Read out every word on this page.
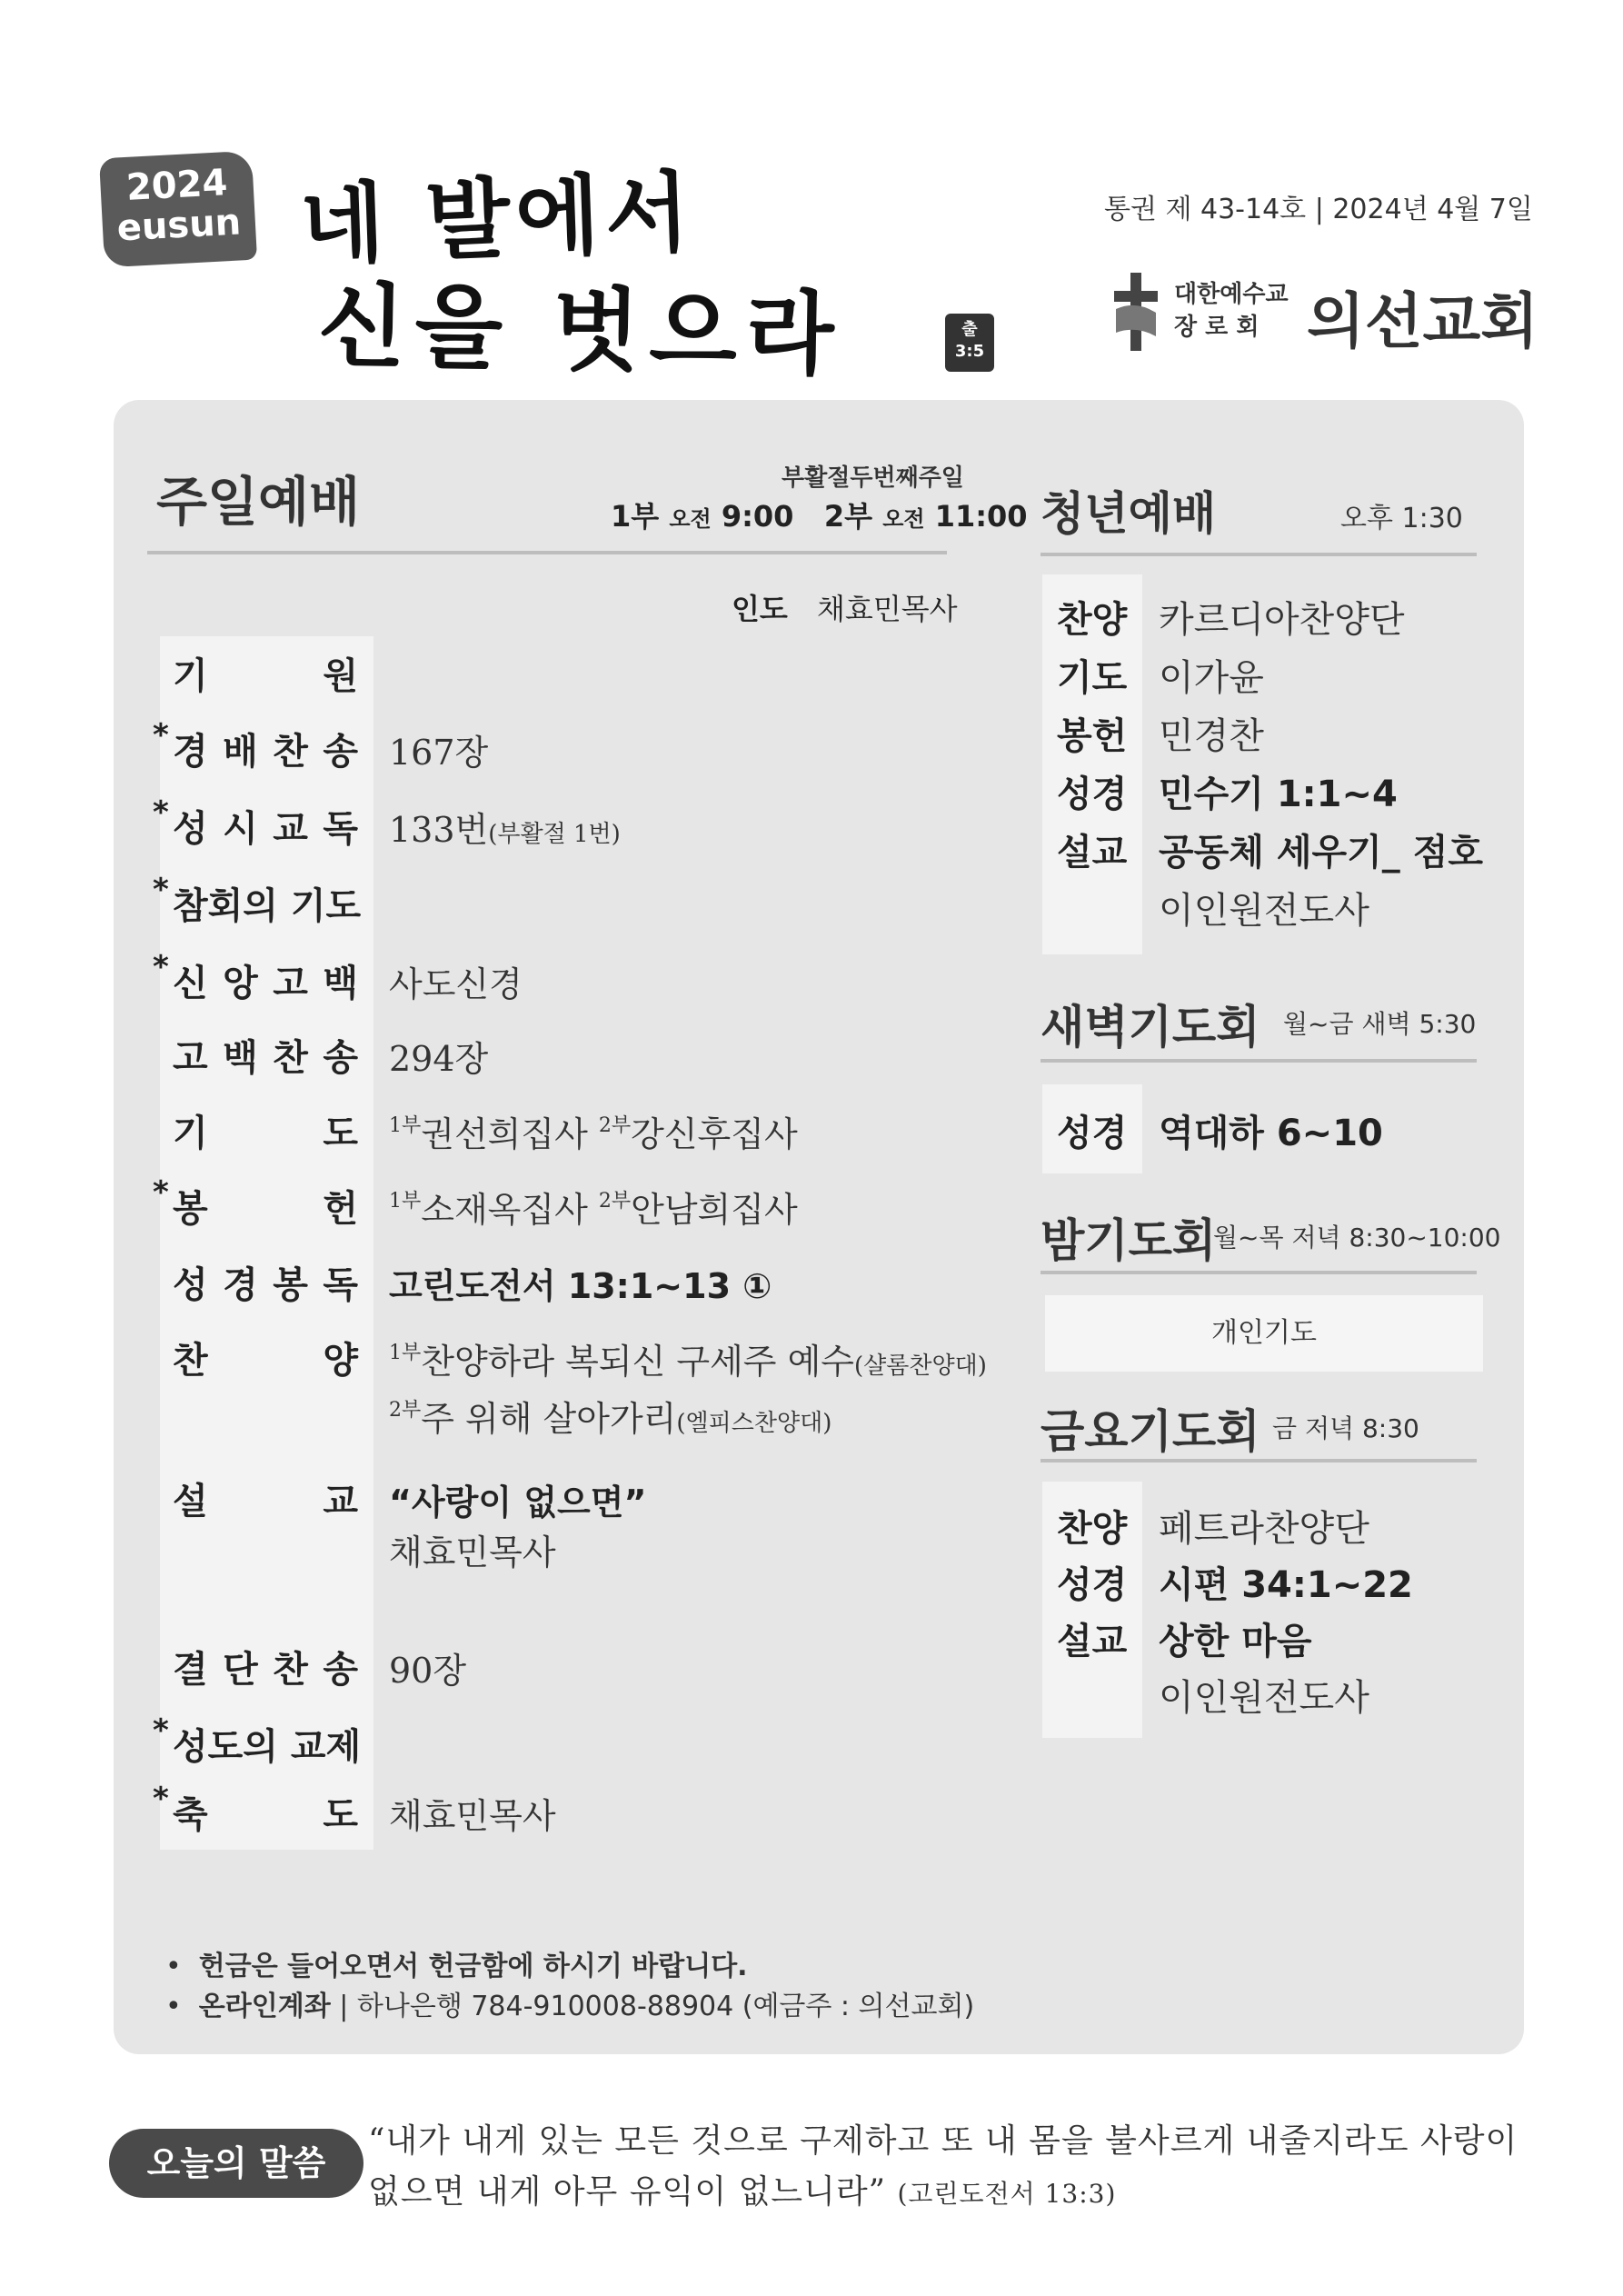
2024
eusun 네 발에서
신을 벗으라	출
3:5
통권 제 43-14호 | 2024년 4월 7일
대한예수교
장 로 회 의선교회
주일예배	부활절두번째주일
1부 오전 9:00 2부 오전 11:00
인도 채효민목사
기	원
* 경 배 찬 송 167장
* 성 시 교 독 133번(부활절 1번)
* 참회의 기도
* 신 앙 고 백 사도신경
고 백 찬 송 294장
기	도 $^{1부}$권선희집사 $^{2부}$강신후집사
* 봉	헌 $^{1부}$소재옥집사 $^{2부}$안남희집사
성 경 봉 독 고린도전서 13:1~13 ①
찬	양 $^{1부}$찬양하라 복되신 구세주 예수(샬롬찬양대)
$^{2부}$주 위해 살아가리(엘피스찬양대)
설	교 “사랑이 없으면”
채효민목사
결 단 찬 송 90장
* 성도의 교제
* 축	도 채효민목사
•  헌금은 들어오면서 헌금함에 하시기 바랍니다.
•  온라인계좌 | 하나은행 784-910008-88904 (예금주 : 의선교회)
청년예배	오후 1:30
찬양 카르디아찬양단
기도 이가윤
봉헌 민경찬
성경 민수기 1:1~4
설교 공동체 세우기_ 점호
이인원전도사
새벽기도회 월~금 새벽 5:30
성경 역대하 6~10
밤기도회
월~목 저녁 8:30~10:00
개인기도
금요기도회 금 저녁 8:30
찬양 페트라찬양단
성경 시편 34:1~22
설교 상한 마음
이인원전도사
오늘의 말씀
“내가 내게 있는 모든 것으로 구제하고 또 내 몸을 불사르게 내줄지라도 사랑이
없으면 내게 아무 유익이 없느니라” (고린도전서 13:3)
